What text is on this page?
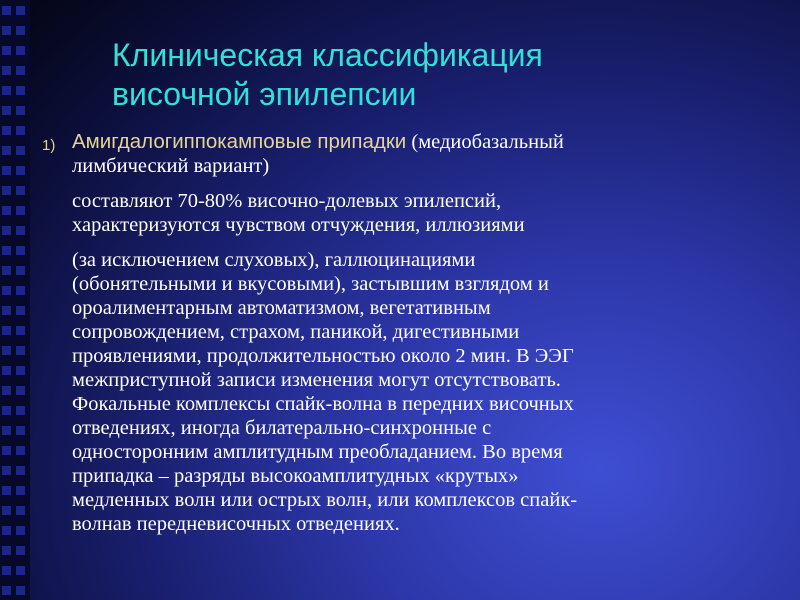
Клиническая классификация
височной эпилепсии
1) Амигдалогиппокамповые припадки (медиобазальный
лимбический вариант)
составляют 70-80% височно-долевых эпилепсий,
характеризуются чувством отчуждения, иллюзиями
(за исключением слуховых), галлюцинациями
(обонятельными и вкусовыми), застывшим взглядом и
ороалиментарным автоматизмом, вегетативным
сопровождением, страхом, паникой, дигестивными
проявлениями, продолжительностью около 2 мин. В ЭЭГ
межприступной записи изменения могут отсутствовать.
Фокальные комплексы спайк-волна в передних височных
отведениях, иногда билатерально-синхронные с
односторонним амплитудным преобладанием. Во время
припадка – разряды высокоамплитудных «крутых»
медленных волн или острых волн, или комплексов спайк-
волнав передневисочных отведениях.
